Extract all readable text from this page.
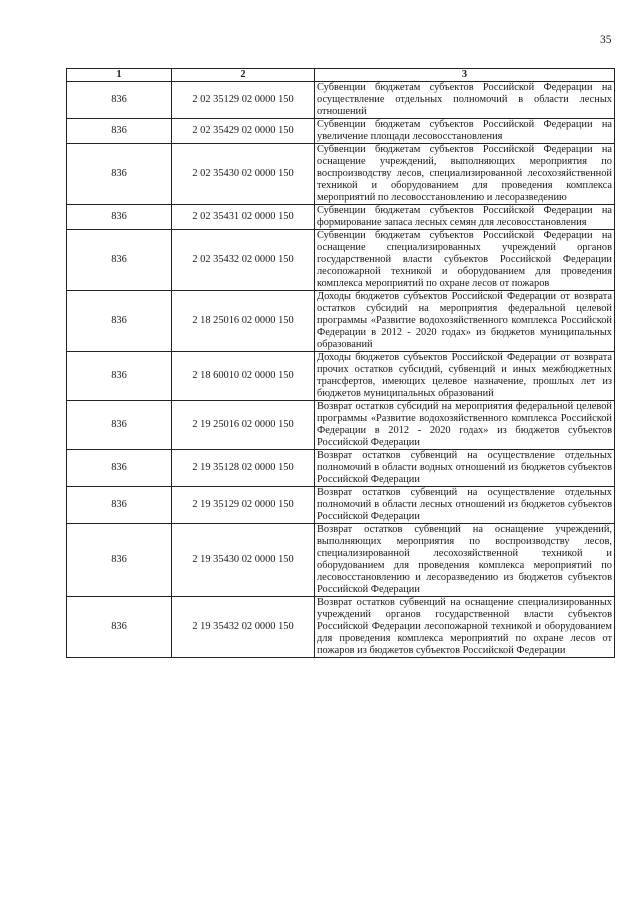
35
1	2	3
836	2 02 35129 02 0000 150	Субвенции бюджетам субъектов Российской Федерации на осуществление отдельных полномочий в области лесных отношений
836	2 02 35429 02 0000 150	Субвенции бюджетам субъектов Российской Федерации на увеличение площади лесовосстановления
836	2 02 35430 02 0000 150	Субвенции бюджетам субъектов Российской Федерации на оснащение учреждений, выполняющих мероприятия по воспроизводству лесов, специализированной лесохозяйственной техникой и оборудованием для проведения комплекса мероприятий по лесовосстановлению и лесоразведению
836	2 02 35431 02 0000 150	Субвенции бюджетам субъектов Российской Федерации на формирование запаса лесных семян для лесовосстановления
836	2 02 35432 02 0000 150	Субвенции бюджетам субъектов Российской Федерации на оснащение специализированных учреждений органов государственной власти субъектов Российской Федерации лесопожарной техникой и оборудованием для проведения комплекса мероприятий по охране лесов от пожаров
836	2 18 25016 02 0000 150	Доходы бюджетов субъектов Российской Федерации от возврата остатков субсидий на мероприятия федеральной целевой программы «Развитие водохозяйственного комплекса Российской Федерации в 2012 - 2020 годах» из бюджетов муниципальных образований
836	2 18 60010 02 0000 150	Доходы бюджетов субъектов Российской Федерации от возврата прочих остатков субсидий, субвенций и иных межбюджетных трансфертов, имеющих целевое назначение, прошлых лет из бюджетов муниципальных образований
836	2 19 25016 02 0000 150	Возврат остатков субсидий на мероприятия федеральной целевой программы «Развитие водохозяйственного комплекса Российской Федерации в 2012 - 2020 годах» из бюджетов субъектов Российской Федерации
836	2 19 35128 02 0000 150	Возврат остатков субвенций на осуществление отдельных полномочий в области водных отношений из бюджетов субъектов Российской Федерации
836	2 19 35129 02 0000 150	Возврат остатков субвенций на осуществление отдельных полномочий в области лесных отношений из бюджетов субъектов Российской Федерации
836	2 19 35430 02 0000 150	Возврат остатков субвенций на оснащение учреждений, выполняющих мероприятия по воспроизводству лесов, специализированной лесохозяйственной техникой и оборудованием для проведения комплекса мероприятий по лесовосстановлению и лесоразведению из бюджетов субъектов Российской Федерации
836	2 19 35432 02 0000 150	Возврат остатков субвенций на оснащение специализированных учреждений органов государственной власти субъектов Российской Федерации лесопожарной техникой и оборудованием для проведения комплекса мероприятий по охране лесов от пожаров из бюджетов субъектов Российской Федерации
